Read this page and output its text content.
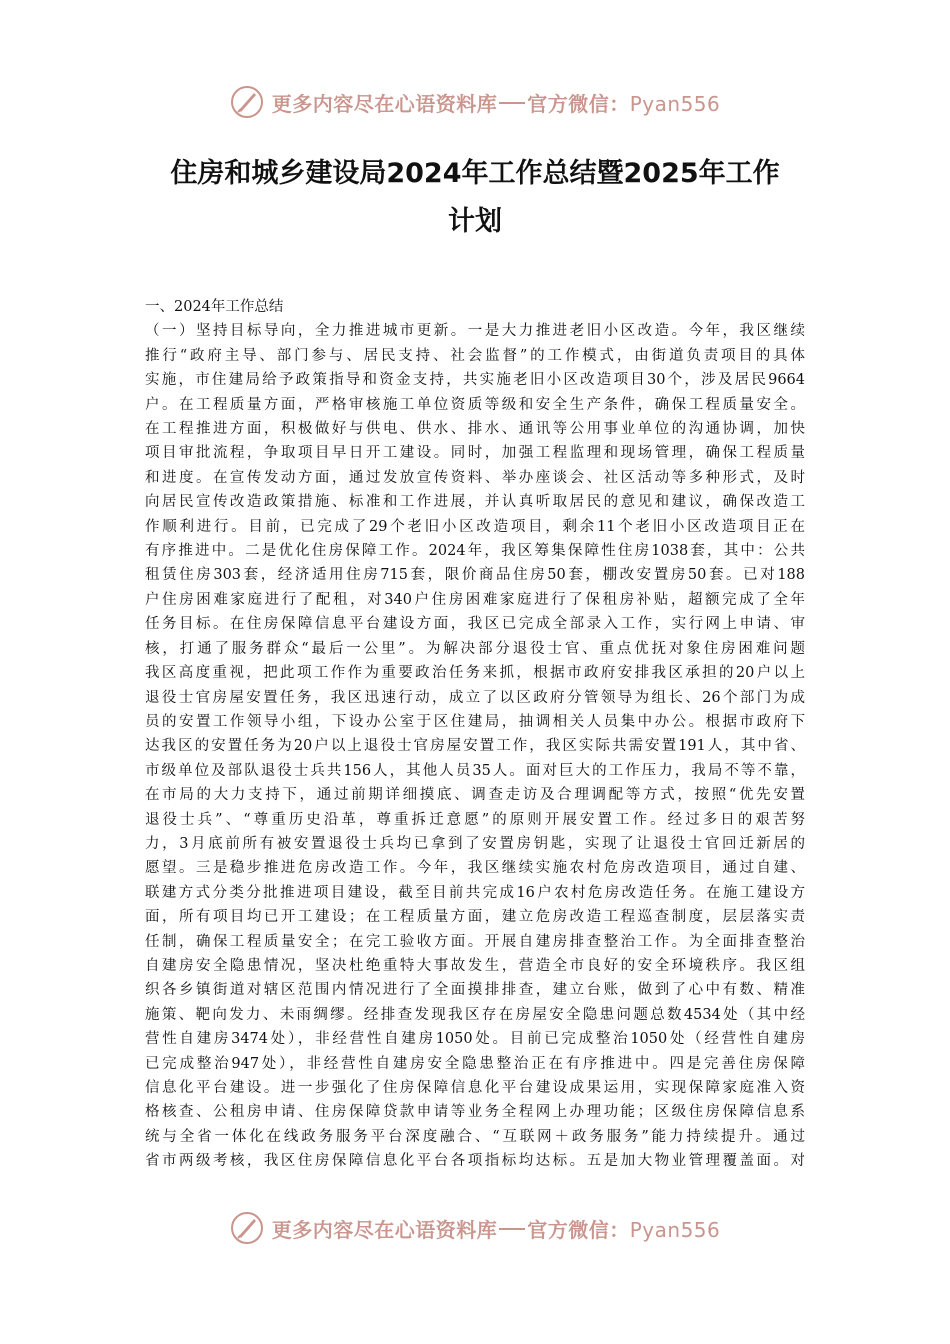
更多内容尽在心语资料库 官方微信：Pyan556
住房和城乡建设局2024年工作总结暨2025年工作
计划

一、2024年工作总结

（一）坚持目标导向，全力推进城市更新。一是大力推进老旧小区改造。今年，我区继续

推行“政府主导、部门参与、居民支持、社会监督”的工作模式，由街道负责项目的具体

实施，市住建局给予政策指导和资金支持，共实施老旧小区改造项目30个，涉及居民9664

户。在工程质量方面，严格审核施工单位资质等级和安全生产条件，确保工程质量安全。

在工程推进方面，积极做好与供电、供水、排水、通讯等公用事业单位的沟通协调，加快

项目审批流程，争取项目早日开工建设。同时，加强工程监理和现场管理，确保工程质量

和进度。在宣传发动方面，通过发放宣传资料、举办座谈会、社区活动等多种形式，及时

向居民宣传改造政策措施、标准和工作进展，并认真听取居民的意见和建议，确保改造工

作顺利进行。目前，已完成了29个老旧小区改造项目，剩余11个老旧小区改造项目正在

有序推进中。二是优化住房保障工作。2024年，我区筹集保障性住房1038套，其中：公共

租赁住房303套，经济适用住房715套，限价商品住房50套，棚改安置房50套。已对188

户住房困难家庭进行了配租，对340户住房困难家庭进行了保租房补贴，超额完成了全年

任务目标。在住房保障信息平台建设方面，我区已完成全部录入工作，实行网上申请、审

核，打通了服务群众“最后一公里”。为解决部分退役士官、重点优抚对象住房困难问题

我区高度重视，把此项工作作为重要政治任务来抓，根据市政府安排我区承担的20户以上

退役士官房屋安置任务，我区迅速行动，成立了以区政府分管领导为组长、26个部门为成

员的安置工作领导小组，下设办公室于区住建局，抽调相关人员集中办公。根据市政府下

达我区的安置任务为20户以上退役士官房屋安置工作，我区实际共需安置191人，其中省、

市级单位及部队退役士兵共156人，其他人员35人。面对巨大的工作压力，我局不等不靠，

在市局的大力支持下，通过前期详细摸底、调查走访及合理调配等方式，按照“优先安置

退役士兵”、“尊重历史沿革，尊重拆迁意愿”的原则开展安置工作。经过多日的艰苦努

力，3月底前所有被安置退役士兵均已拿到了安置房钥匙，实现了让退役士官回迁新居的

愿望。三是稳步推进危房改造工作。今年，我区继续实施农村危房改造项目，通过自建、

联建方式分类分批推进项目建设，截至目前共完成16户农村危房改造任务。在施工建设方

面，所有项目均已开工建设；在工程质量方面，建立危房改造工程巡查制度，层层落实责

任制，确保工程质量安全；在完工验收方面。开展自建房排查整治工作。为全面排查整治

自建房安全隐患情况，坚决杜绝重特大事故发生，营造全市良好的安全环境秩序。我区组

织各乡镇街道对辖区范围内情况进行了全面摸排排查，建立台账，做到了心中有数、精准

施策、靶向发力、未雨绸缪。经排查发现我区存在房屋安全隐患问题总数4534处（其中经

营性自建房3474处），非经营性自建房1050处。目前已完成整治1050处（经营性自建房

已完成整治947处），非经营性自建房安全隐患整治正在有序推进中。四是完善住房保障

信息化平台建设。进一步强化了住房保障信息化平台建设成果运用，实现保障家庭准入资

格核查、公租房申请、住房保障贷款申请等业务全程网上办理功能；区级住房保障信息系

统与全省一体化在线政务服务平台深度融合、“互联网＋政务服务”能力持续提升。通过

省市两级考核，我区住房保障信息化平台各项指标均达标。五是加大物业管理覆盖面。对

更多内容尽在心语资料库 官方微信：Pyan556
